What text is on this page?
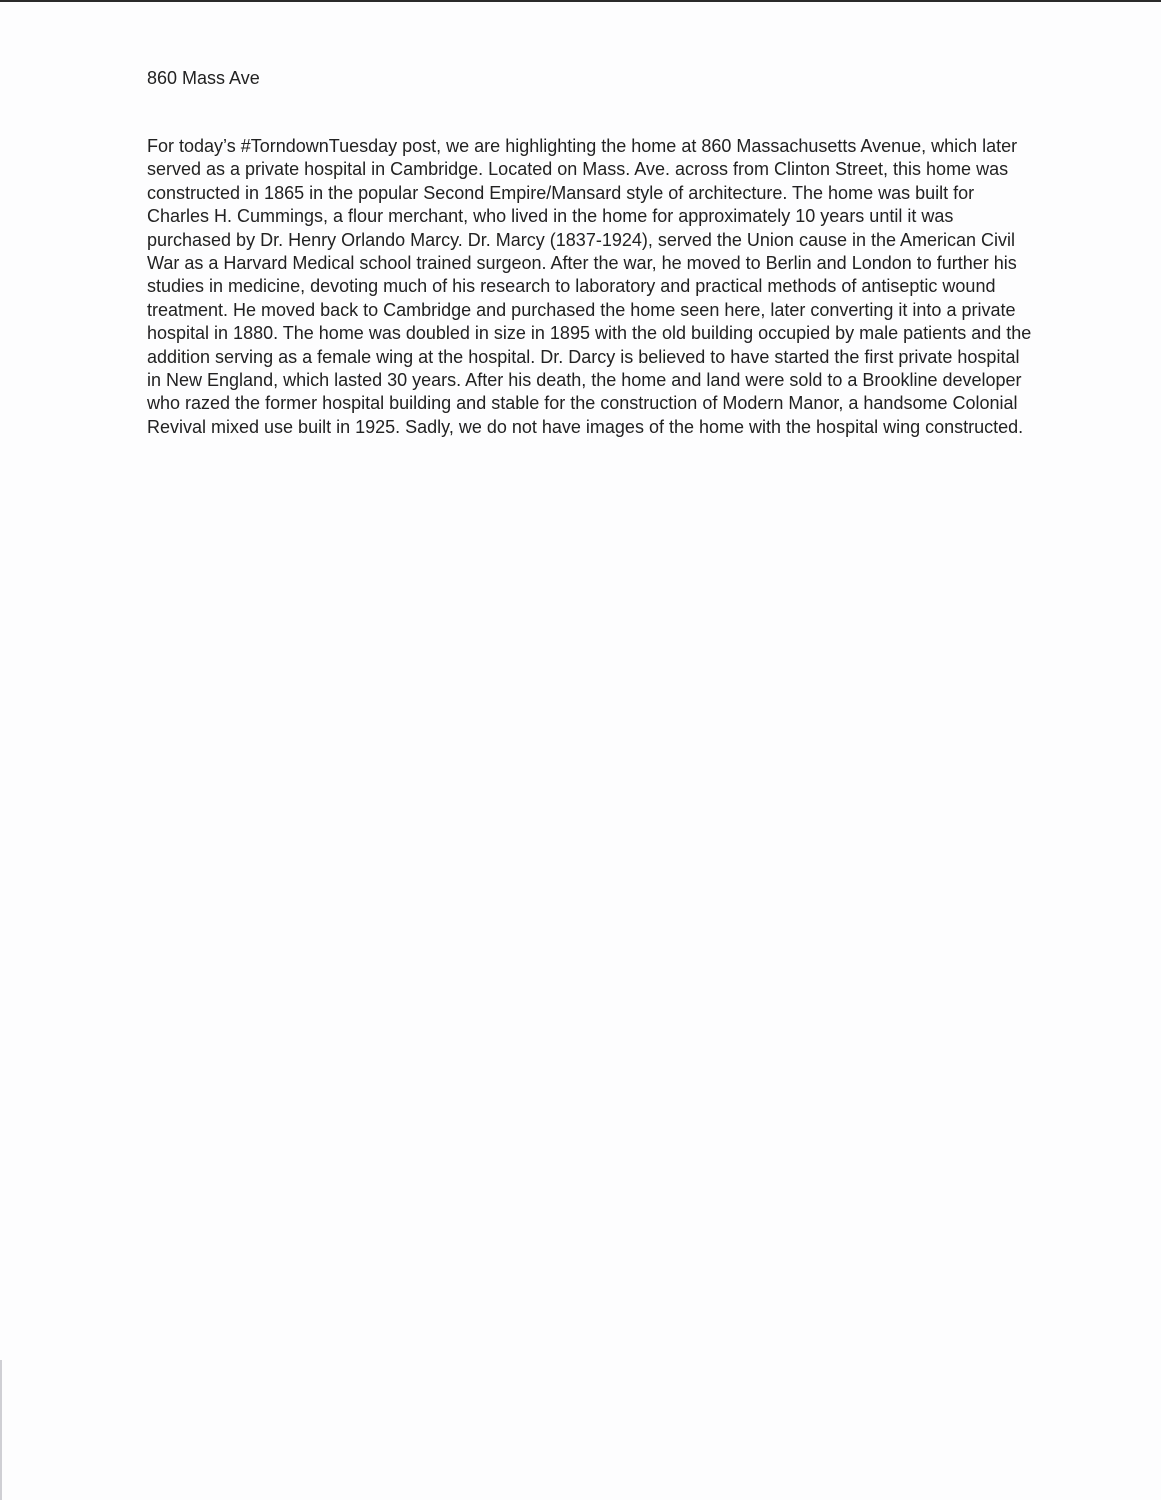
860 Mass Ave

For today’s #TorndownTuesday post, we are highlighting the home at 860 Massachusetts Avenue, which later served as a private hospital in Cambridge. Located on Mass. Ave. across from Clinton Street, this home was constructed in 1865 in the popular Second Empire/Mansard style of architecture. The home was built for Charles H. Cummings, a flour merchant, who lived in the home for approximately 10 years until it was purchased by Dr. Henry Orlando Marcy. Dr. Marcy (1837-1924), served the Union cause in the American Civil War as a Harvard Medical school trained surgeon. After the war, he moved to Berlin and London to further his studies in medicine, devoting much of his research to laboratory and practical methods of antiseptic wound treatment. He moved back to Cambridge and purchased the home seen here, later converting it into a private hospital in 1880. The home was doubled in size in 1895 with the old building occupied by male patients and the addition serving as a female wing at the hospital. Dr. Darcy is believed to have started the first private hospital in New England, which lasted 30 years. After his death, the home and land were sold to a Brookline developer who razed the former hospital building and stable for the construction of Modern Manor, a handsome Colonial Revival mixed use built in 1925. Sadly, we do not have images of the home with the hospital wing constructed.
